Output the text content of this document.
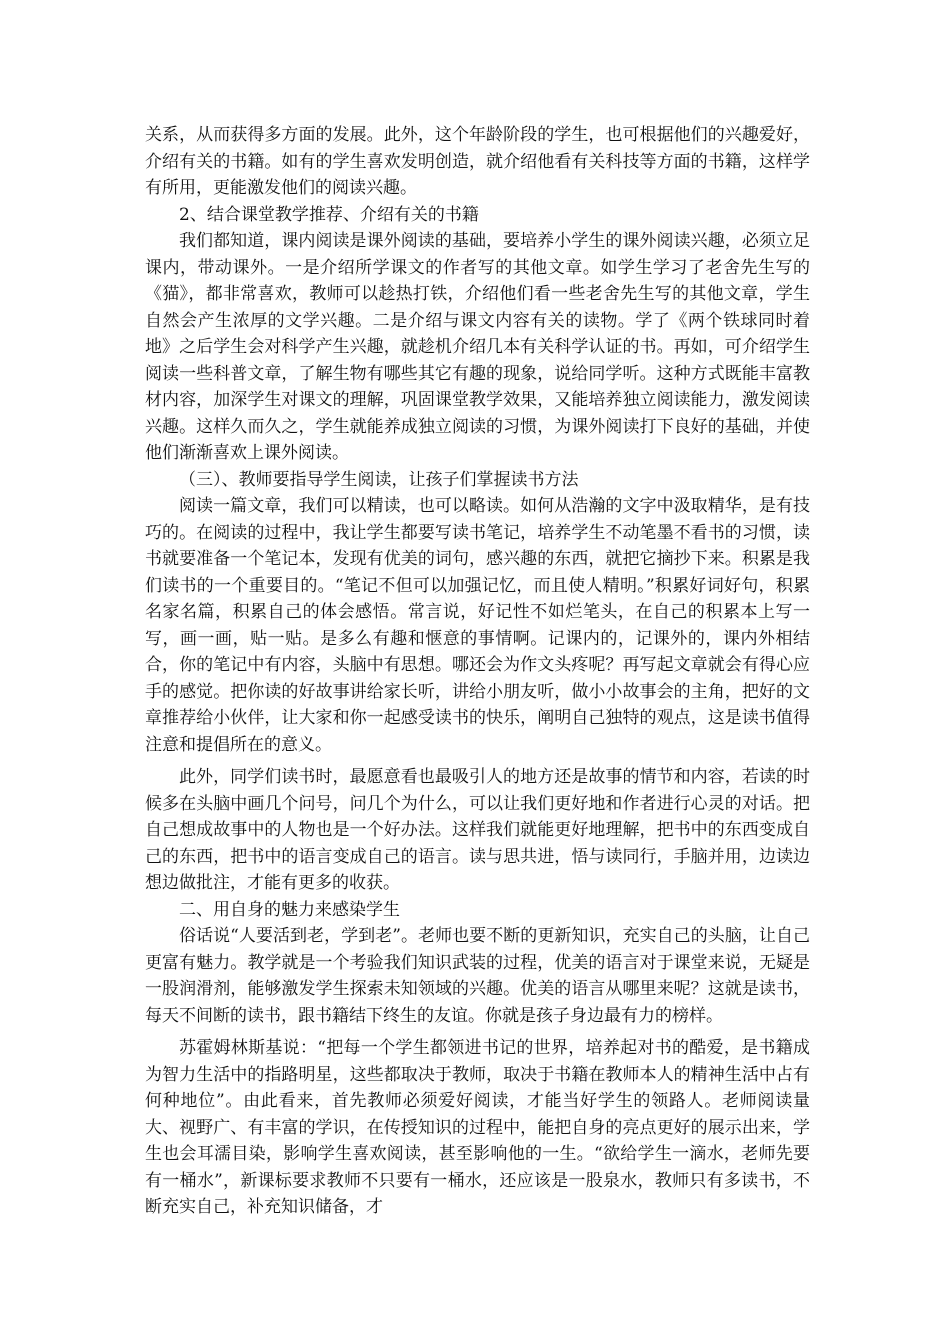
关系，从而获得多方面的发展。此外，这个年龄阶段的学生，也可根据他们的兴趣爱好，介绍有关的书籍。如有的学生喜欢发明创造，就介绍他看有关科技等方面的书籍，这样学有所用，更能激发他们的阅读兴趣。

2、结合课堂教学推荐、介绍有关的书籍

我们都知道，课内阅读是课外阅读的基础，要培养小学生的课外阅读兴趣，必须立足课内，带动课外。一是介绍所学课文的作者写的其他文章。如学生学习了老舍先生写的《猫》，都非常喜欢，教师可以趁热打铁，介绍他们看一些老舍先生写的其他文章，学生自然会产生浓厚的文学兴趣。二是介绍与课文内容有关的读物。学了《两个铁球同时着地》之后学生会对科学产生兴趣，就趁机介绍几本有关科学认证的书。再如，可介绍学生阅读一些科普文章，了解生物有哪些其它有趣的现象，说给同学听。这种方式既能丰富教材内容，加深学生对课文的理解，巩固课堂教学效果，又能培养独立阅读能力，激发阅读兴趣。这样久而久之，学生就能养成独立阅读的习惯，为课外阅读打下良好的基础，并使他们渐渐喜欢上课外阅读。

（三）、教师要指导学生阅读，让孩子们掌握读书方法

阅读一篇文章，我们可以精读，也可以略读。如何从浩瀚的文字中汲取精华，是有技巧的。在阅读的过程中，我让学生都要写读书笔记，培养学生不动笔墨不看书的习惯，读书就要准备一个笔记本，发现有优美的词句，感兴趣的东西，就把它摘抄下来。积累是我们读书的一个重要目的。“笔记不但可以加强记忆，而且使人精明。”积累好词好句，积累名家名篇，积累自己的体会感悟。常言说，好记性不如烂笔头，在自己的积累本上写一写，画一画，贴一贴。是多么有趣和惬意的事情啊。记课内的，记课外的，课内外相结合，你的笔记中有内容，头脑中有思想。哪还会为作文头疼呢？再写起文章就会有得心应手的感觉。把你读的好故事讲给家长听，讲给小朋友听，做小小故事会的主角，把好的文章推荐给小伙伴，让大家和你一起感受读书的快乐，阐明自己独特的观点，这是读书值得注意和提倡所在的意义。

此外，同学们读书时，最愿意看也最吸引人的地方还是故事的情节和内容，若读的时候多在头脑中画几个问号，问几个为什么，可以让我们更好地和作者进行心灵的对话。把自己想成故事中的人物也是一个好办法。这样我们就能更好地理解，把书中的东西变成自己的东西，把书中的语言变成自己的语言。读与思共进，悟与读同行，手脑并用，边读边想边做批注，才能有更多的收获。

二、用自身的魅力来感染学生

俗话说“人要活到老，学到老”。老师也要不断的更新知识，充实自己的头脑，让自己更富有魅力。教学就是一个考验我们知识武装的过程，优美的语言对于课堂来说，无疑是一股润滑剂，能够激发学生探索未知领域的兴趣。优美的语言从哪里来呢？这就是读书，每天不间断的读书，跟书籍结下终生的友谊。你就是孩子身边最有力的榜样。

苏霍姆林斯基说：“把每一个学生都领进书记的世界，培养起对书的酷爱，是书籍成为智力生活中的指路明星，这些都取决于教师，取决于书籍在教师本人的精神生活中占有何种地位”。由此看来，首先教师必须爱好阅读，才能当好学生的领路人。老师阅读量大、视野广、有丰富的学识，在传授知识的过程中，能把自身的亮点更好的展示出来，学生也会耳濡目染，影响学生喜欢阅读，甚至影响他的一生。“欲给学生一滴水，老师先要有一桶水”，新课标要求教师不只要有一桶水，还应该是一股泉水，教师只有多读书，不断充实自己，补充知识储备，才
